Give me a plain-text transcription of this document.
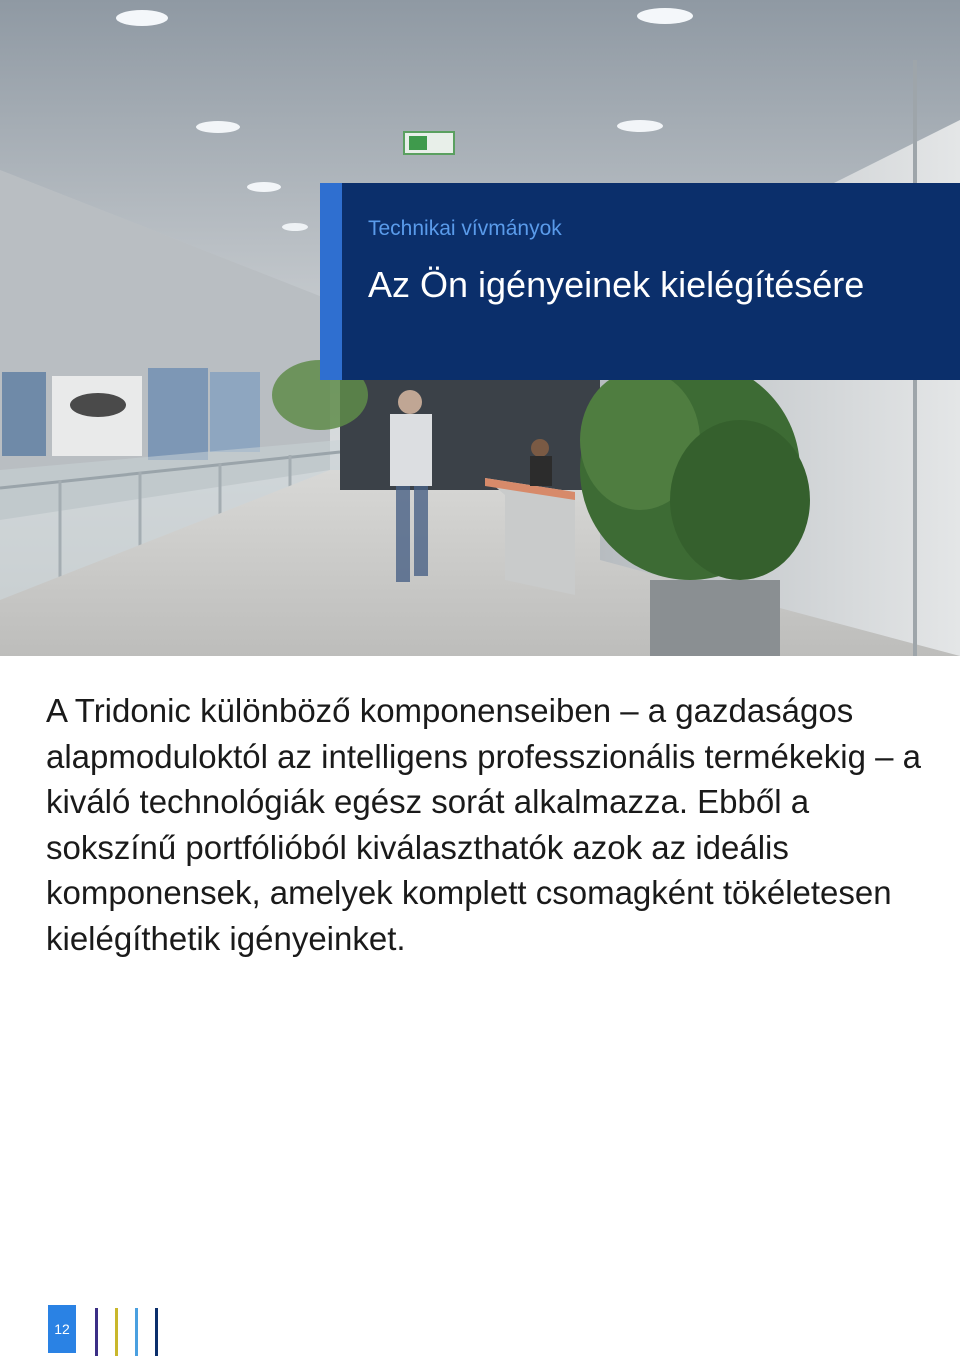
Technikai vívmányok

Az Ön igényeinek kielégítésére

A Tridonic különböző komponenseiben – a gazdaságos alapmoduloktól az intelligens professzionális termékekig – a kiváló technológiák egész sorát alkalmazza. Ebből a sokszínű portfólióból kiválaszthatók azok az ideális komponensek, amelyek komplett csomagként tökéletesen kielégíthetik igényeinket.

12
